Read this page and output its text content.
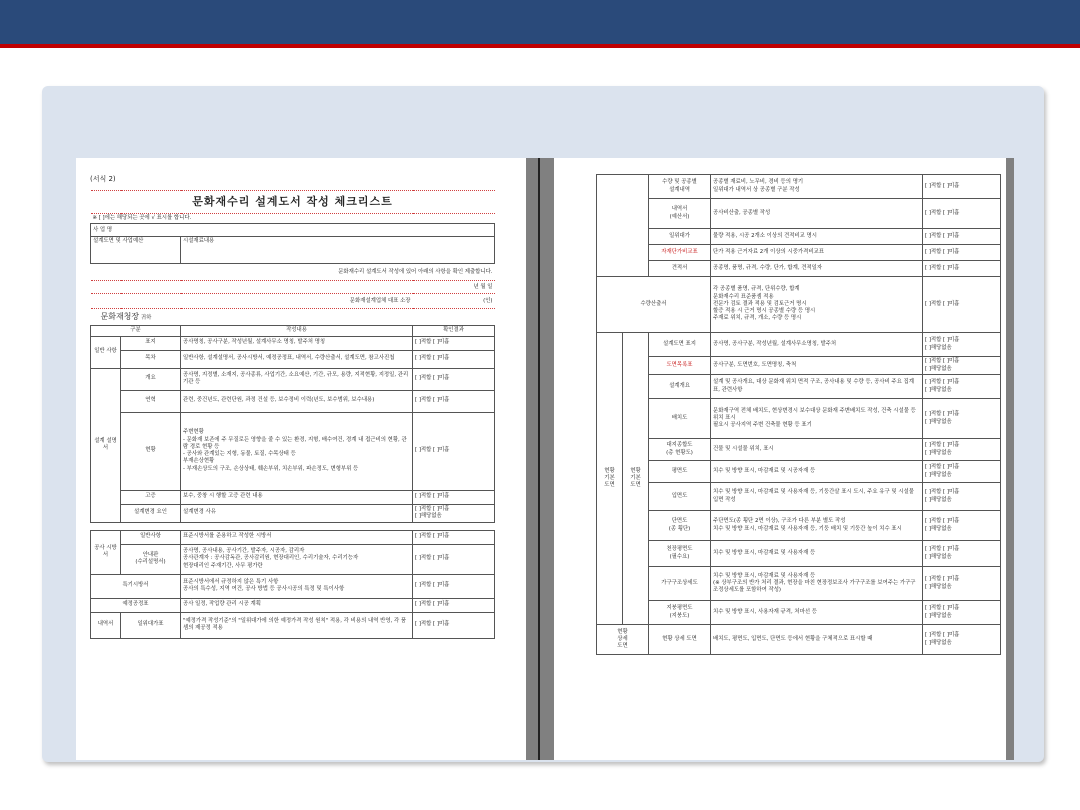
(서식 2)
문화재수리 설계도서 작성 체크리스트			
※ [ ]에는 해당되는 곳에 √ 표시를 합니다.			
사 업 명			
설계도면 및 사업예산		시설재료내용	
문화재수리 설계도서 작성에 있어 아래의 사항을 확인 제출합니다.			
년 월 일			
문화재설계업체 대표 소장			(인)
문화재청장 귀하			
구분		작성내용	확인결과
일반 사항	표지	공사명칭, 공사구분, 작성년월, 설계사무소 명칭, 발주처 명칭	[ ]적합 [ ]미흡
	목차	일반사항, 설계설명서, 공사시방서, 예정공정표, 내역서, 수량산출서, 설계도면, 참고사진첩	[ ]적합 [ ]미흡
설계 설명서	개요	공사명, 지정별, 소재지, 공사종류, 사업기간, 소요예산, 기간, 규모, 용량, 지적현황, 지정일, 관리기관 등	[ ]적합 [ ]미흡
	연혁	관련, 중건년도, 관련단원, 과정 건설 등, 보수정비 이력(년도, 보수범위, 보수내용)	[ ]적합 [ ]미흡
	현황	주변현황
- 문화재 보존에 주 무질로든 영향을 줄 수 있는 환경, 지형, 배수여건, 경계 내 접근비의 현황, 관람 경로 현황 등
- 공사와 관계있는 지형, 동물, 토질, 수목상태 등
부재손상현황
- 부재손상도의 구조, 손상상태, 훼손부위, 치손부위, 파손정도, 변형부위 등	[ ]적합 [ ]미흡
	고증	보수, 중창 시 행할 고증 관련 내용	[ ]적합 [ ]미흡
	설계변경 요인	설계변경 사유	[ ]적합 [ ]미흡
[ ]해당없음

공사 시방서	일반사항	표준시방서를 준용하고 작성한 시방서	[ ]적합 [ ]미흡
	안내판
(수리설명서)	공사명, 공사내용, 공사기간, 발주자, 시공자, 감리자
공사관계자 : 공사감독관, 공사감리원, 현장대리인, 수리기술자, 수리기능자
현장대리인 주재기간, 사무 평가란	[ ]적합 [ ]미흡
특기시방서		표준시방서에서 규정하지 않은 특기 사항
공사의 특수성, 지역 여건, 공사 방법 등 공사시공의 특정 및 특이사항	[ ]적합 [ ]미흡
예정공정표		공사 일정, 작업량 관리 시공 계획	[ ]적합 [ ]미흡
내역서	일위대가표	"예정가격 작성기준"의 "일위대가에 의한 예정가격 작성 원칙" 적용, 각 비용의 내역 반영, 각 품셈의 제공정 적용	[ ]적합 [ ]미흡
		수량 및 공종별
설계내역	공종별 재료비, 노무비, 경비 등의 명기
일위대가 내역서 상 공종별 구분 작성	[ ]적합 [ ]미흡
		내역서
(예산서)	공사비산출, 공종별 작성	[ ]적합 [ ]미흡
		일위대가	물량 적용, 시공 2개소 이상의 견적비교 명시	[ ]적합 [ ]미흡
		자재단가비교표	단가 적용 근거자료 2개 이상의 시중가격비교표	[ ]적합 [ ]미흡
		견적서	공종명, 품명, 규격, 수량, 단가, 합계, 견적일자	[ ]적합 [ ]미흡
수량산출서			각 공종별 품명, 규격, 단위수량, 합계
문화재수리 표준품셈 적용
전문가 검토 결과 적용 및 검토근거 명시
할증 적용 시 근거 명시 공종별 수량 등 명시
주재료 위치, 규격, 개소, 수량 등 명시	[ ]적합 [ ]미흡
현황
기본
도면	현황
기본
도면	설계도면 표지	공사명, 공사구분, 작성년월, 설계사무소명칭, 발주처	[ ]적합 [ ]미흡
[ ]해당없음
		도면목록표	공사구분, 도면번호, 도면명칭, 축척	[ ]적합 [ ]미흡
[ ]해당없음
		설계개요	설계 및 공사개요, 대상 문화재 위치 면적 구조, 공사내용 및 수량 등, 공사비 주요 집계표, 관련사항	[ ]적합 [ ]미흡
[ ]해당없음
		배치도	문화재구역 전체 배치도, 현상변경시 보수대상 문화재 주변배치도 작성, 건축 시설물 등 위치 표시
필요시 공사지역 주변 건축물 현황 등 표기	[ ]적합 [ ]미흡
[ ]해당없음
		대지종합도
(총 현황도)	건물 및 시설물 위치, 표시	[ ]적합 [ ]미흡
[ ]해당없음
		평면도	치수 및 방향 표시, 마감재료 및 시공자재 등	[ ]적합 [ ]미흡
[ ]해당없음
		입면도	치수 및 방향 표시, 마감재료 및 사용자재 등, 기둥간살 표시 도시, 주요 유구 및 시설물 입면 작성	[ ]적합 [ ]미흡
[ ]해당없음
		단면도
(종 횡단)	주단면도(종 횡단 2면 이상), 구조가 다른 부분 별도 작성
치수 및 방향 표시, 마감재료 및 사용자재 등, 기둥 배치 및 기둥간 높이 치수 표시	[ ]적합 [ ]미흡
[ ]해당없음
		천장평면도
(필수요)	치수 및 방향 표시, 마감재료 및 사용자재 등	[ ]적합 [ ]미흡
[ ]해당없음
		가구구조상세도	치수 및 방향 표시, 마감재료 및 사용자재 등
(※ 상부구조의 반가 처리 결과, 현장을 마친 현장정보조사 가구구조를 보여주는 가구구조정상세도를 포함하여 작성)	[ ]적합 [ ]미흡
[ ]해당없음
		지붕평면도
(지붕도)	치수 및 방향 표시, 사용자재 규격, 처마선 등	[ ]적합 [ ]미흡
[ ]해당없음
현황
상세
도면		현황 상세 도면	배치도, 평면도, 입면도, 단면도 등에서 현황을 구체적으로 표시할 때	[ ]적합 [ ]미흡
[ ]해당없음
